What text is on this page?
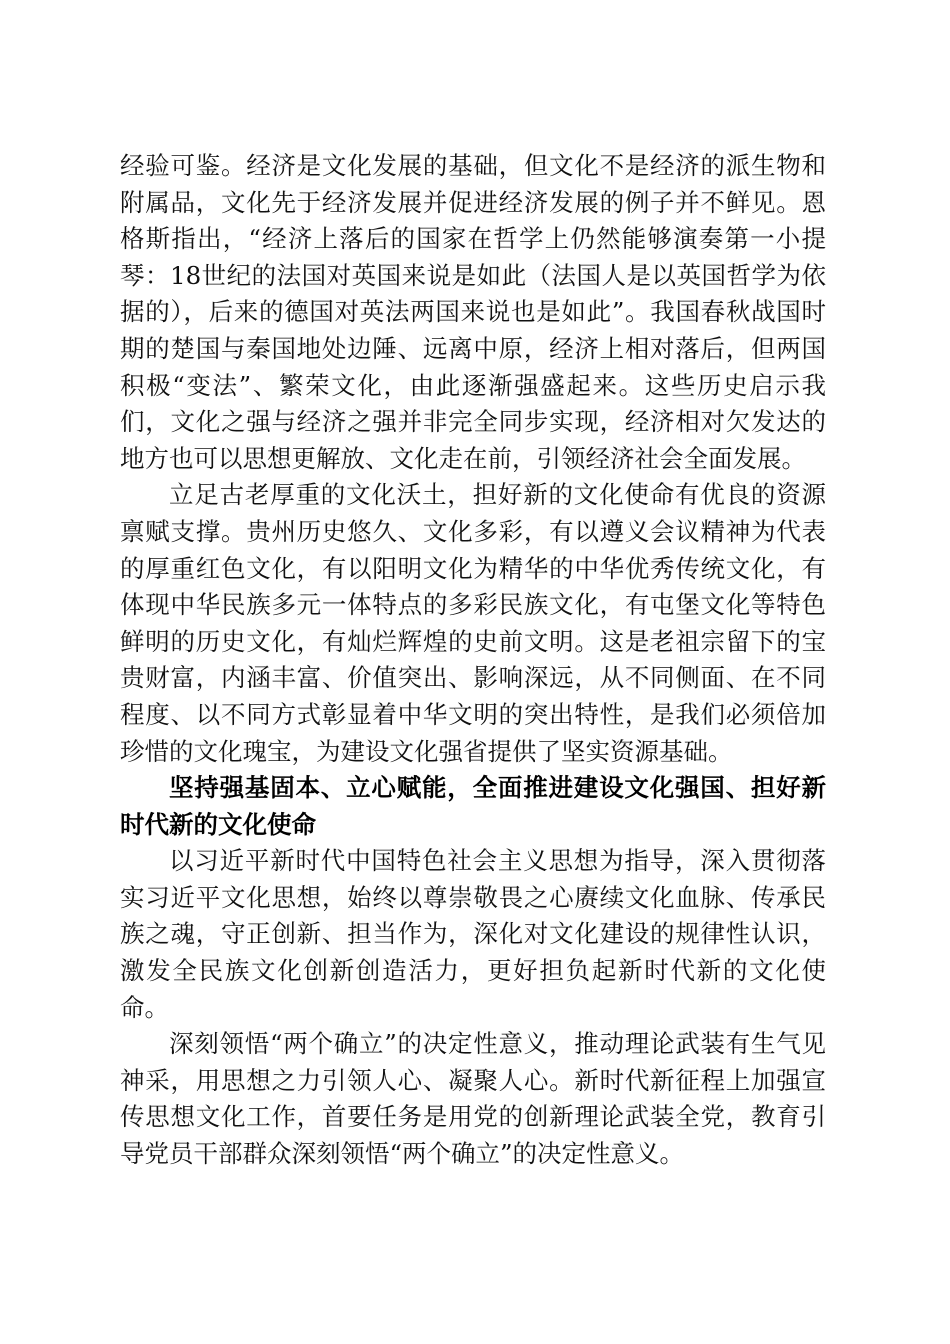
经验可鉴。经济是文化发展的基础，但文化不是经济的派生物和附属品，文化先于经济发展并促进经济发展的例子并不鲜见。恩格斯指出，“经济上落后的国家在哲学上仍然能够演奏第一小提琴：18世纪的法国对英国来说是如此（法国人是以英国哲学为依据的），后来的德国对英法两国来说也是如此”。我国春秋战国时期的楚国与秦国地处边陲、远离中原，经济上相对落后，但两国积极“变法”、繁荣文化，由此逐渐强盛起来。这些历史启示我们，文化之强与经济之强并非完全同步实现，经济相对欠发达的地方也可以思想更解放、文化走在前，引领经济社会全面发展。

立足古老厚重的文化沃土，担好新的文化使命有优良的资源禀赋支撑。贵州历史悠久、文化多彩，有以遵义会议精神为代表的厚重红色文化，有以阳明文化为精华的中华优秀传统文化，有体现中华民族多元一体特点的多彩民族文化，有屯堡文化等特色鲜明的历史文化，有灿烂辉煌的史前文明。这是老祖宗留下的宝贵财富，内涵丰富、价值突出、影响深远，从不同侧面、在不同程度、以不同方式彰显着中华文明的突出特性，是我们必须倍加珍惜的文化瑰宝，为建设文化强省提供了坚实资源基础。

坚持强基固本、立心赋能，全面推进建设文化强国、担好新时代新的文化使命

以习近平新时代中国特色社会主义思想为指导，深入贯彻落实习近平文化思想，始终以尊崇敬畏之心赓续文化血脉、传承民族之魂，守正创新、担当作为，深化对文化建设的规律性认识，激发全民族文化创新创造活力，更好担负起新时代新的文化使命。

深刻领悟“两个确立”的决定性意义，推动理论武装有生气见神采，用思想之力引领人心、凝聚人心。新时代新征程上加强宣传思想文化工作，首要任务是用党的创新理论武装全党，教育引导党员干部群众深刻领悟“两个确立”的决定性意义。
